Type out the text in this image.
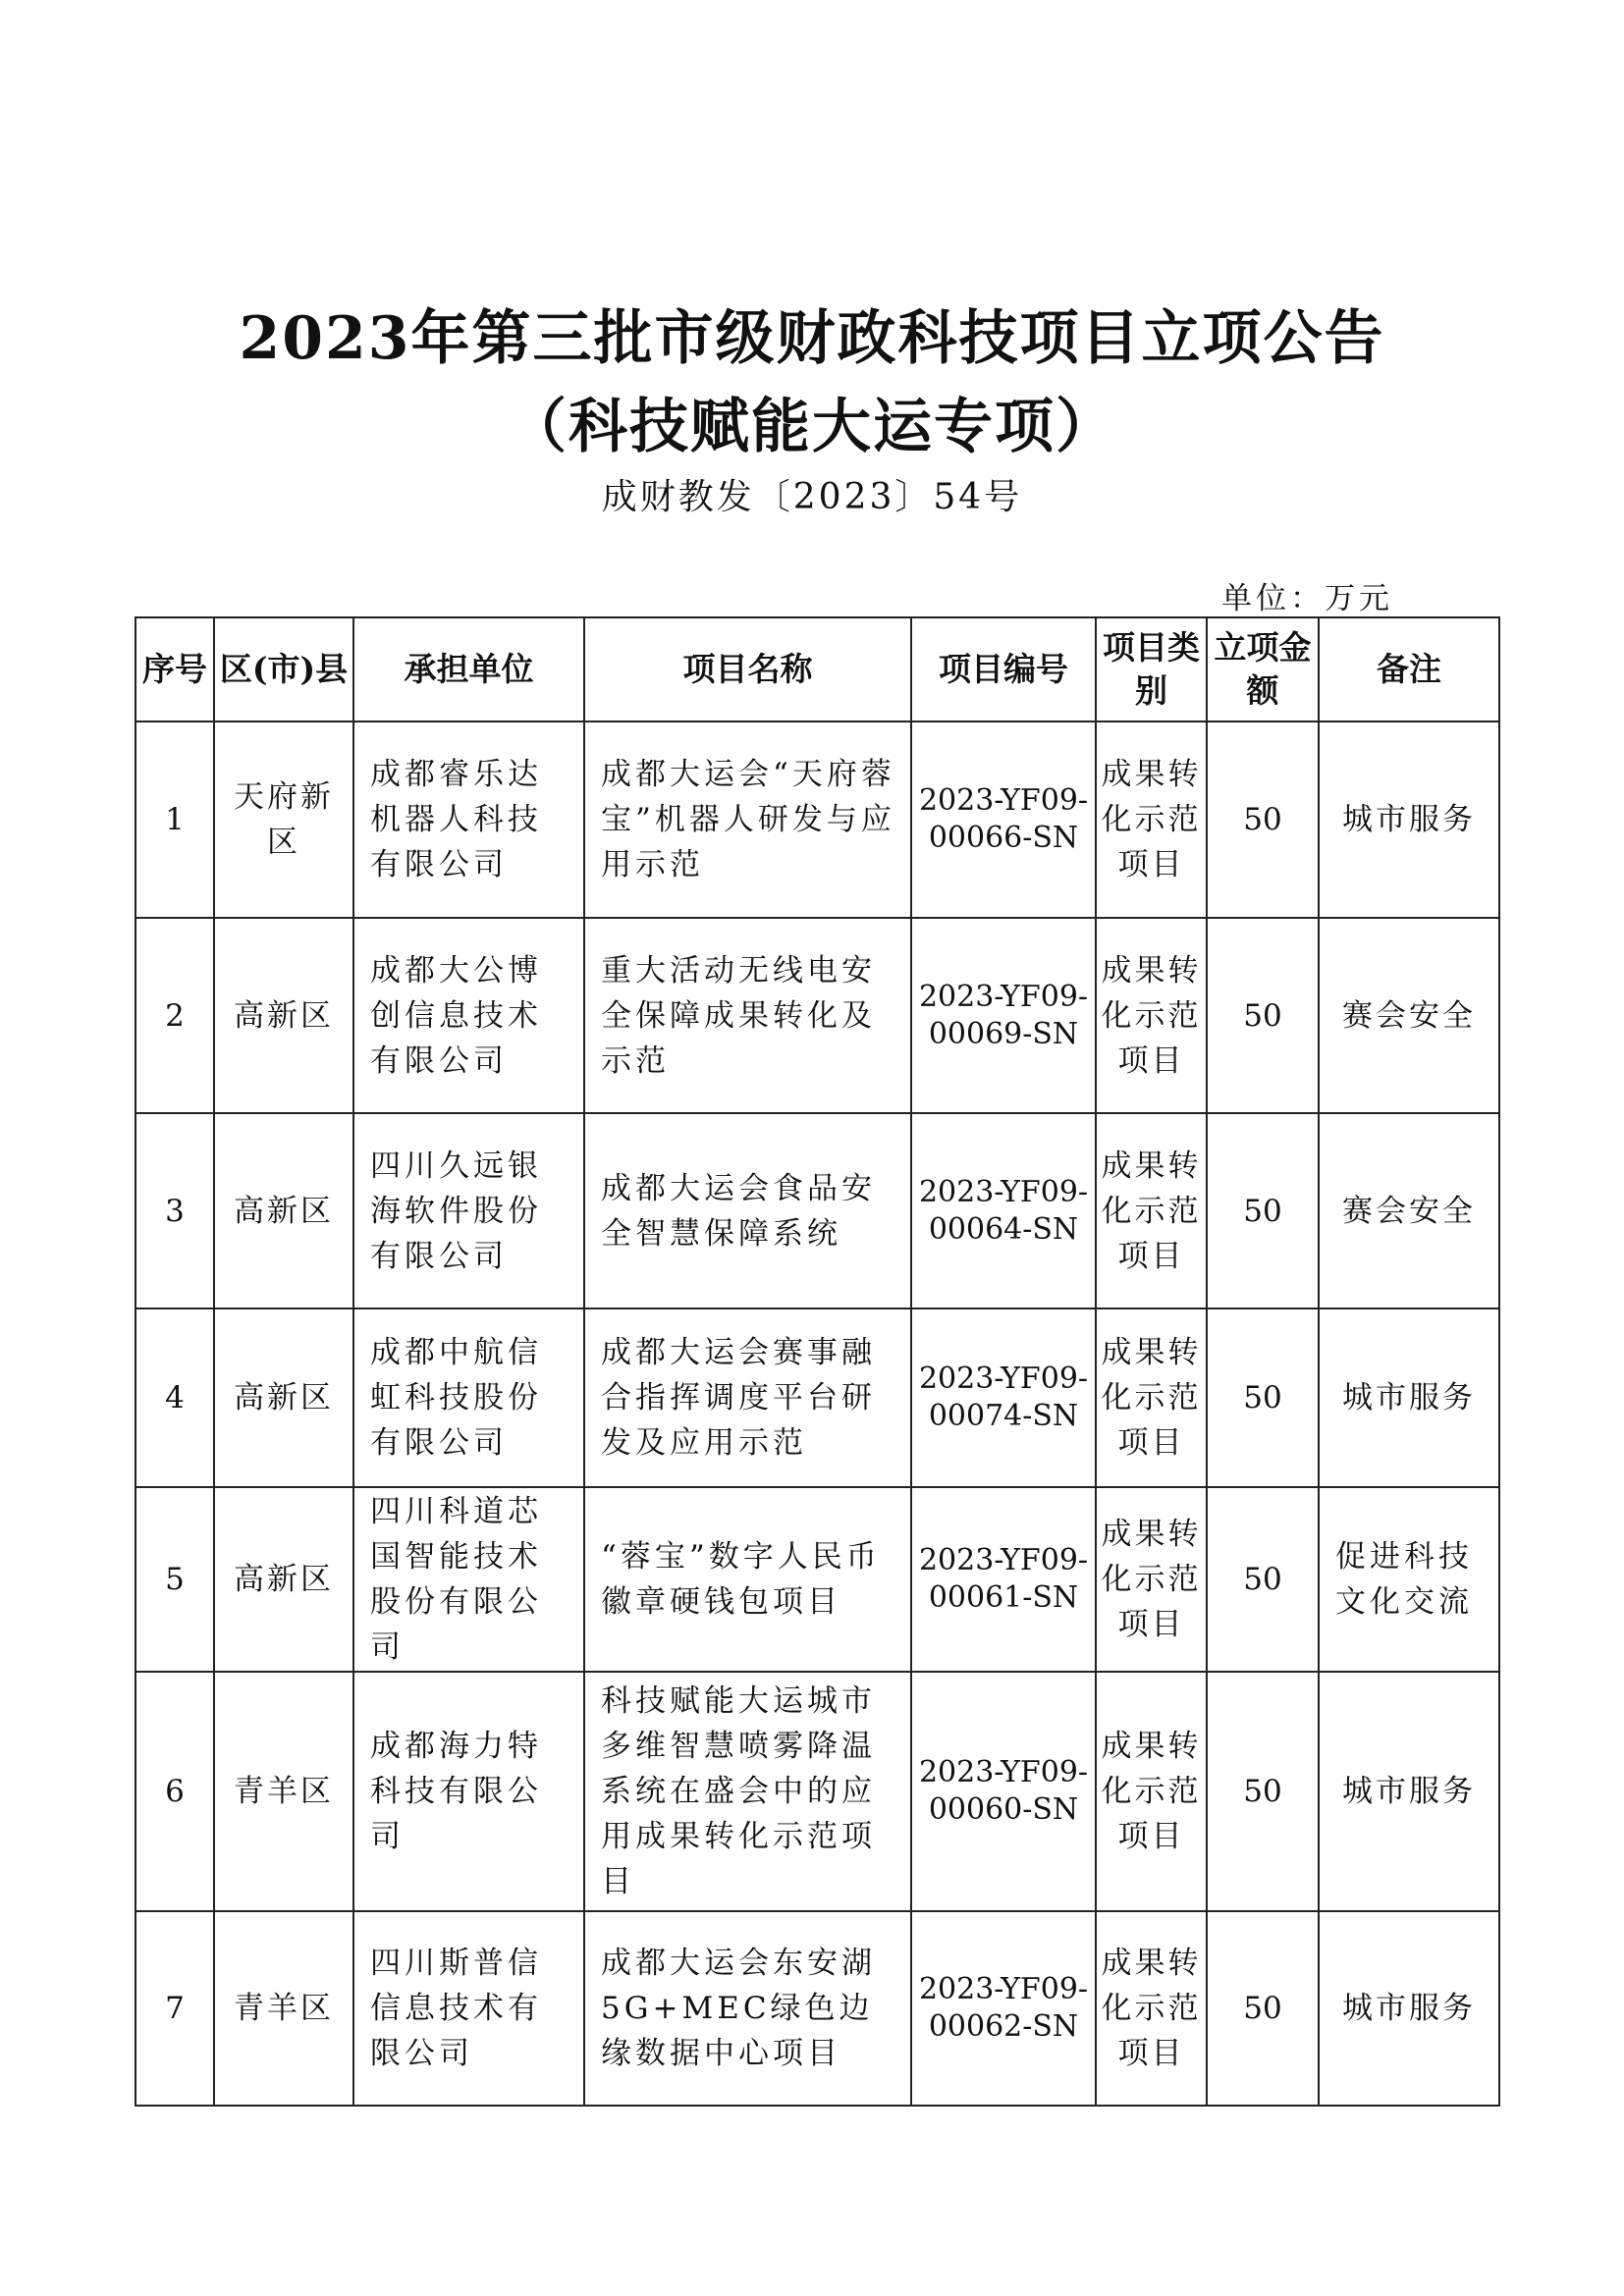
2023年第三批市级财政科技项目立项公告
（科技赋能大运专项）
成财教发〔2023〕54号
单位：万元
序号	区(市)县	承担单位	项目名称	项目编号	项目类别	立项金额	备注
1	天府新区	成都睿乐达机器人科技有限公司	成都大运会“天府蓉宝”机器人研发与应用示范	2023-YF09-00066-SN	成果转化示范项目	50	城市服务
2	高新区	成都大公博创信息技术有限公司	重大活动无线电安全保障成果转化及示范	2023-YF09-00069-SN	成果转化示范项目	50	赛会安全
3	高新区	四川久远银海软件股份有限公司	成都大运会食品安全智慧保障系统	2023-YF09-00064-SN	成果转化示范项目	50	赛会安全
4	高新区	成都中航信虹科技股份有限公司	成都大运会赛事融合指挥调度平台研发及应用示范	2023-YF09-00074-SN	成果转化示范项目	50	城市服务
5	高新区	四川科道芯国智能技术股份有限公司	“蓉宝”数字人民币徽章硬钱包项目	2023-YF09-00061-SN	成果转化示范项目	50	促进科技文化交流
6	青羊区	成都海力特科技有限公司	科技赋能大运城市多维智慧喷雾降温系统在盛会中的应用成果转化示范项目	2023-YF09-00060-SN	成果转化示范项目	50	城市服务
7	青羊区	四川斯普信信息技术有限公司	成都大运会东安湖5G+MEC绿色边缘数据中心项目	2023-YF09-00062-SN	成果转化示范项目	50	城市服务
